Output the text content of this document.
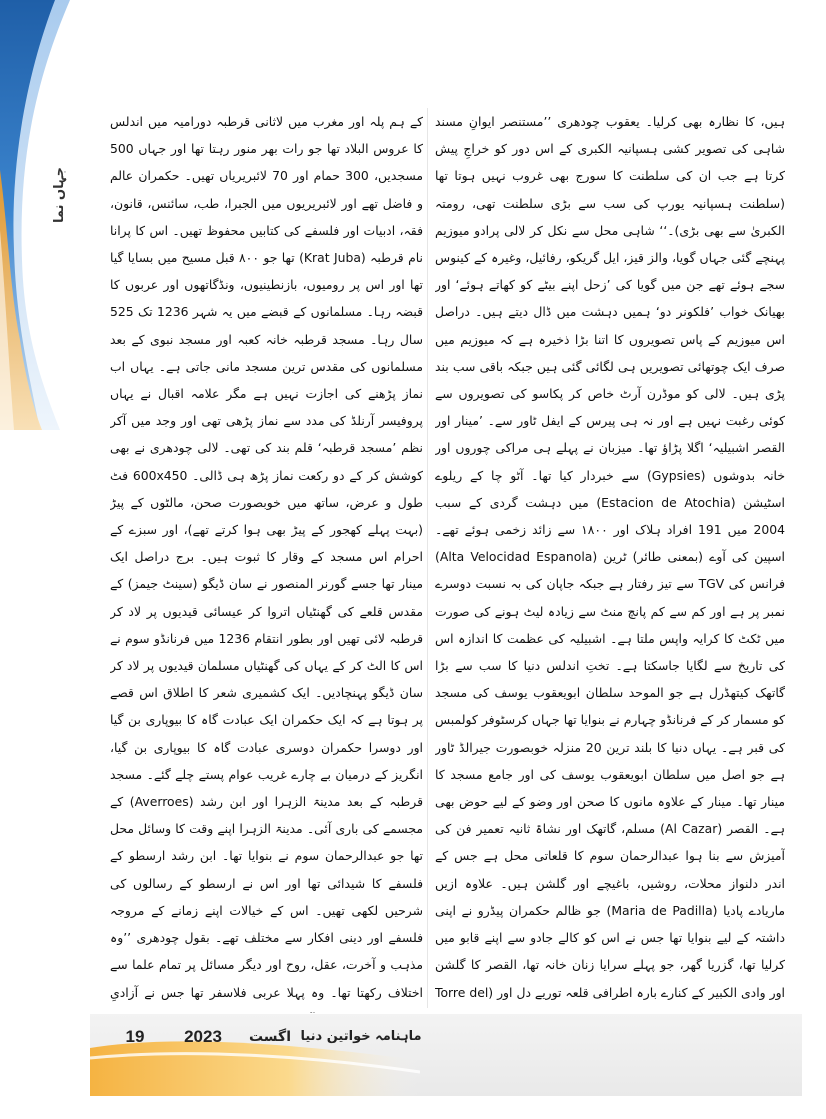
جہاں نما

ہیں، کا نظارہ بھی کرلیا۔ یعقوب چودھری ’’مستنصر ایوانِ مسند شاہی کی تصویر کشی ہسپانیہ الکبری کے اس دور کو خراجِ پیش کرتا ہے جب ان کی سلطنت کا سورج بھی غروب نہیں ہوتا تھا (سلطنت ہسپانیہ یورپ کی سب سے بڑی سلطنت تھی، رومتہ الکبریٰ سے بھی بڑی)۔‘‘ شاہی محل سے نکل کر لالی پرادو میوزیم پہنچے گئی جہاں گویا، والز قیز، ایل گریکو، رفائیل، وغیرہ کے کینوس سجے ہوئے تھے جن میں گویا کی ’زحل اپنے بیٹے کو کھاتے ہوئے‘ اور بھیانک خواب ’فلکونر دو‘ ہمیں دہشت میں ڈال دیتے ہیں۔ دراصل اس میوزیم کے پاس تصویروں کا اتنا بڑا ذخیرہ ہے کہ میوزیم میں صرف ایک چوتھائی تصویریں ہی لگائی گئی ہیں جبکہ باقی سب بند پڑی ہیں۔ لالی کو موڈرن آرٹ خاص کر پکاسو کی تصویروں سے کوئی رغبت نہیں ہے اور نہ ہی پیرس کے ایفل ٹاور سے۔ ’مینار اور القصر اشبیلیہ‘ اگلا پڑاؤ تھا۔ میزبان نے پہلے ہی مراکی چوروں اور خانہ بدوشوں (Gypsies) سے خبردار کیا تھا۔ آٹو چا کے ریلوے اسٹیشن (Estacion de Atochia) میں دہشت گردی کے سبب 2004 میں 191 افراد ہلاک اور ۱۸۰۰ سے زائد زخمی ہوئے تھے۔ اسپین کی آوے (بمعنی طائر) ٹرین (Alta Velocidad Espanola) فرانس کی TGV سے تیز رفتار ہے جبکہ جاپان کی بہ نسبت دوسرے نمبر پر ہے اور کم سے کم پانچ منٹ سے زیادہ لیٹ ہونے کی صورت میں ٹکٹ کا کرایہ واپس ملتا ہے۔ اشبیلیہ کی عظمت کا اندازہ اس کی تاریخ سے لگایا جاسکتا ہے۔ تختِ اندلس دنیا کا سب سے بڑا گاتھک کیتھڈرل ہے جو الموحد سلطان ابویعقوب یوسف کی مسجد کو مسمار کر کے فرنانڈو چہارم نے بنوایا تھا جہاں کرسٹوفر کولمبس کی قبر ہے۔ یہاں دنیا کا بلند ترین 20 منزلہ خوبصورت جیرالڈ ٹاور ہے جو اصل میں سلطان ابویعقوب یوسف کی اور جامع مسجد کا مینار تھا۔ مینار کے علاوہ مانوں کا صحن اور وضو کے لیے حوض بھی ہے۔ القصر (Al Cazar) مسلم، گاتھک اور نشاۃ ثانیہ تعمیر فن کی آمیزش سے بنا ہوا عبدالرحمان سوم کا قلعاتی محل ہے جس کے اندر دلنواز محلات، روشیں، باغیچے اور گلشن ہیں۔ علاوہ ازیں ماریادے پادیا (Maria de Padilla) جو ظالم حکمران پیڈرو نے اپنی داشتہ کے لیے بنوایا تھا جس نے اس کو کالے جادو سے اپنے قابو میں کرلیا تھا، گزریا گھر، جو پہلے سرایا زنان خانہ تھا، القصر کا گلشن اور وادی الکبیر کے کنارے بارہ اطرافی قلعہ توریے دل اور (Torre del

کے ہم پلہ اور مغرب میں لاثانی قرطبہ دورامیہ میں اندلس کا عروس البلاد تھا جو رات بھر منور رہتا تھا اور جہاں 500 مسجدیں، 300 حمام اور 70 لائبریریاں تھیں۔ حکمران عالم و فاضل تھے اور لائبریریوں میں الجبرا، طب، سائنس، قانون، فقہ، ادبیات اور فلسفے کی کتابیں محفوظ تھیں۔ اس کا پرانا نام قرطبہ (Krat Juba) تھا جو ۸۰۰ قبل مسیح میں بسایا گیا تھا اور اس پر رومیوں، بازنطینیوں، ونڈگاتھوں اور عربوں کا قبضہ رہا۔ مسلمانوں کے قبضے میں یہ شہر 1236 تک 525 سال رہا۔ مسجد قرطبہ خانہ کعبہ اور مسجد نبوی کے بعد مسلمانوں کی مقدس ترین مسجد مانی جاتی ہے۔ یہاں اب نماز پڑھنے کی اجازت نہیں ہے مگر علامہ اقبال نے یہاں پروفیسر آرنلڈ کی مدد سے نماز پڑھی تھی اور وجد میں آکر نظم ’مسجد قرطبہ‘ قلم بند کی تھی۔ لالی چودھری نے بھی کوشش کر کے دو رکعت نماز پڑھ ہی ڈالی۔ 600x450 فٹ طول و عرض، ساتھ میں خوبصورت صحن، مالٹوں کے پیڑ (بہت پہلے کھجور کے پیڑ بھی ہوا کرتے تھے)، اور سبزے کے احرام اس مسجد کے وقار کا ثبوت ہیں۔ برج دراصل ایک مینار تھا جسے گورنر المنصور نے سان ڈیگو (سینٹ جیمز) کے مقدس قلعے کی گھنٹیاں اتروا کر عیسائی قیدیوں پر لاد کر قرطبہ لائی تھیں اور بطور انتقام 1236 میں فرنانڈو سوم نے اس کا الٹ کر کے یہاں کی گھنٹیاں مسلمان قیدیوں پر لاد کر سان ڈیگو پہنچادیں۔ ایک کشمیری شعر کا اطلاق اس قصے پر ہوتا ہے کہ ایک حکمران ایک عبادت گاہ کا بیوپاری بن گیا اور دوسرا حکمران دوسری عبادت گاہ کا بیوپاری بن گیا، انگریز کے درمیان بے چارے غریب عوام پستے چلے گئے۔ مسجد قرطبہ کے بعد مدینۃ الزہرا اور ابن رشد (Averroes) کے مجسمے کی باری آئی۔ مدینۃ الزہرا اپنے وقت کا وسائل محل تھا جو عبدالرحمان سوم نے بنوایا تھا۔ ابن رشد ارسطو کے فلسفے کا شیدائی تھا اور اس نے ارسطو کے رسالوں کی شرحیں لکھی تھیں۔ اس کے خیالات اپنے زمانے کے مروجہ فلسفے اور دینی افکار سے مختلف تھے۔ بقول چودھری ’’وہ مذہب و آخرت، عقل، روح اور دیگر مسائل پر تمام علما سے اختلاف رکھتا تھا۔ وہ پہلا عربی فلاسفر تھا جس نے آزادیِ

ماہنامہ خواتین دنیا
اگست
2023
19
